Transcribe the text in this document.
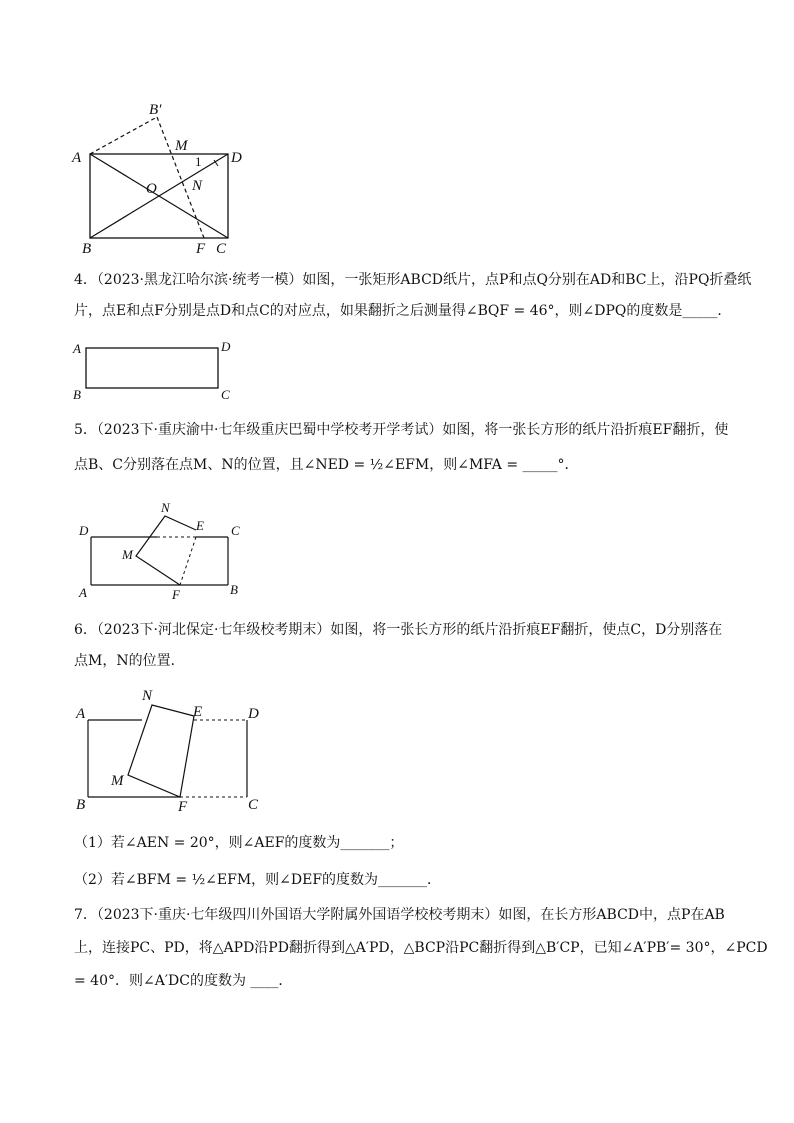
B′
M
A	D
1
N
O
B	F C
4．（2023·黑龙江哈尔滨·统考一模）如图，一张矩形ABCD纸片，点P和点Q分别在AD和BC上，沿PQ折叠纸
片，点E和点F分别是点D和点C的对应点，如果翻折之后测量得∠BQF = 46°，则∠DPQ的度数是_____．
A	D
B	C
5．（2023下·重庆渝中·七年级重庆巴蜀中学校考开学考试）如图，将一张长方形的纸片沿折痕EF翻折，使
点B、C分别落在点M、N的位置，且∠NED = ½∠EFM，则∠MFA = _____°．
N
E C
D
M
A	F	B
6．（2023下·河北保定·七年级校考期末）如图，将一张长方形的纸片沿折痕EF翻折，使点C，D分别落在
点M，N的位置．
N
A	E	D
M
B	F	C
（1）若∠AEN = 20°，则∠AEF的度数为_______；
（2）若∠BFM = ½∠EFM，则∠DEF的度数为_______．
7．（2023下·重庆·七年级四川外国语大学附属外国语学校校考期末）如图，在长方形ABCD中，点P在AB
上，连接PC、PD，将△APD沿PD翻折得到△A′PD，△BCP沿PC翻折得到△B′CP，已知∠A′PB′= 30°，∠PCD
= 40°．则∠A′DC的度数为 ____．
